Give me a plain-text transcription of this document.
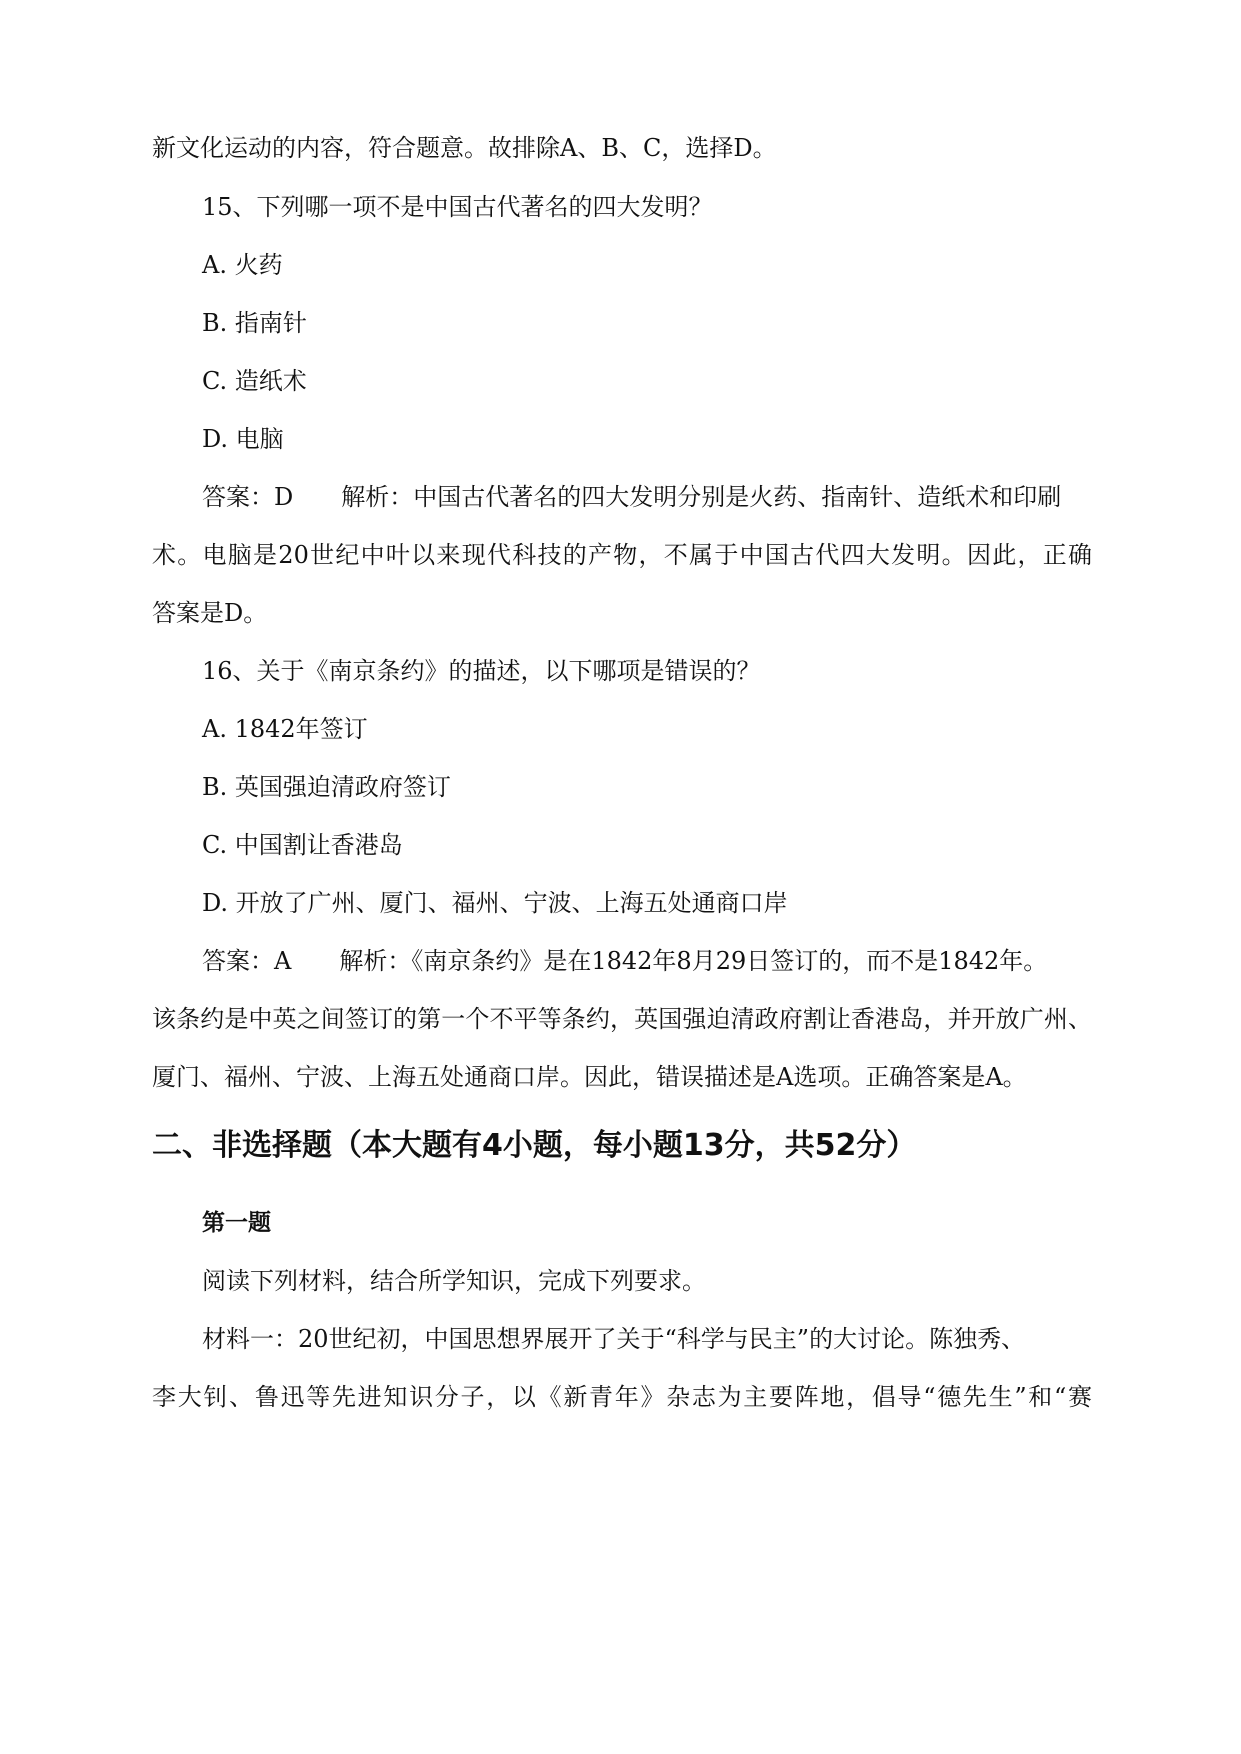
新文化运动的内容，符合题意。故排除A、B、C，选择D。

15、下列哪一项不是中国古代著名的四大发明？

A. 火药

B. 指南针

C. 造纸术

D. 电脑

答案：D 解析：中国古代著名的四大发明分别是火药、指南针、造纸术和印刷

术。电脑是20世纪中叶以来现代科技的产物，不属于中国古代四大发明。因此，正确

答案是D。

16、关于《南京条约》的描述，以下哪项是错误的？

A. 1842年签订

B. 英国强迫清政府签订

C. 中国割让香港岛

D. 开放了广州、厦门、福州、宁波、上海五处通商口岸

答案：A 解析：《南京条约》是在1842年8月29日签订的，而不是1842年。

该条约是中英之间签订的第一个不平等条约，英国强迫清政府割让香港岛，并开放广州、

厦门、福州、宁波、上海五处通商口岸。因此，错误描述是A选项。正确答案是A。

二、非选择题（本大题有4小题，每小题13分，共52分）
第一题

阅读下列材料，结合所学知识，完成下列要求。

材料一：20世纪初，中国思想界展开了关于“科学与民主”的大讨论。陈独秀、

李大钊、鲁迅等先进知识分子，以《新青年》杂志为主要阵地，倡导“德先生”和“赛
